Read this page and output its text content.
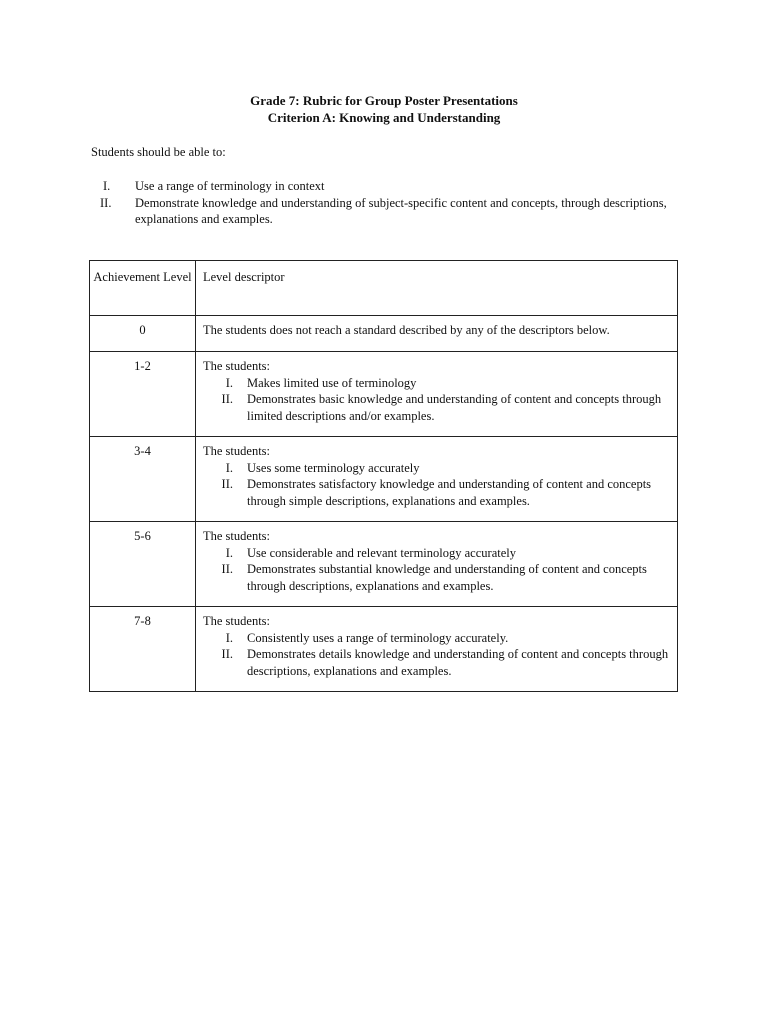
Grade 7: Rubric for Group Poster Presentations
Criterion A: Knowing and Understanding
Students should be able to:
I.	Use a range of terminology in context
II.	Demonstrate knowledge and understanding of subject-specific content and concepts, through descriptions, explanations and examples.
Achievement Level	Level descriptor
0	The students does not reach a standard described by any of the descriptors below.
1-2	The students:
I. Makes limited use of terminology
II. Demonstrates basic knowledge and understanding of content and concepts through limited descriptions and/or examples.

3-4	The students:
I. Uses some terminology accurately
II. Demonstrates satisfactory knowledge and understanding of content and concepts through simple descriptions, explanations and examples.

5-6	The students:
I. Use considerable and relevant terminology accurately
II. Demonstrates substantial knowledge and understanding of content and concepts through descriptions, explanations and examples.

7-8	The students:
I. Consistently uses a range of terminology accurately.
II. Demonstrates details knowledge and understanding of content and concepts through descriptions, explanations and examples.
